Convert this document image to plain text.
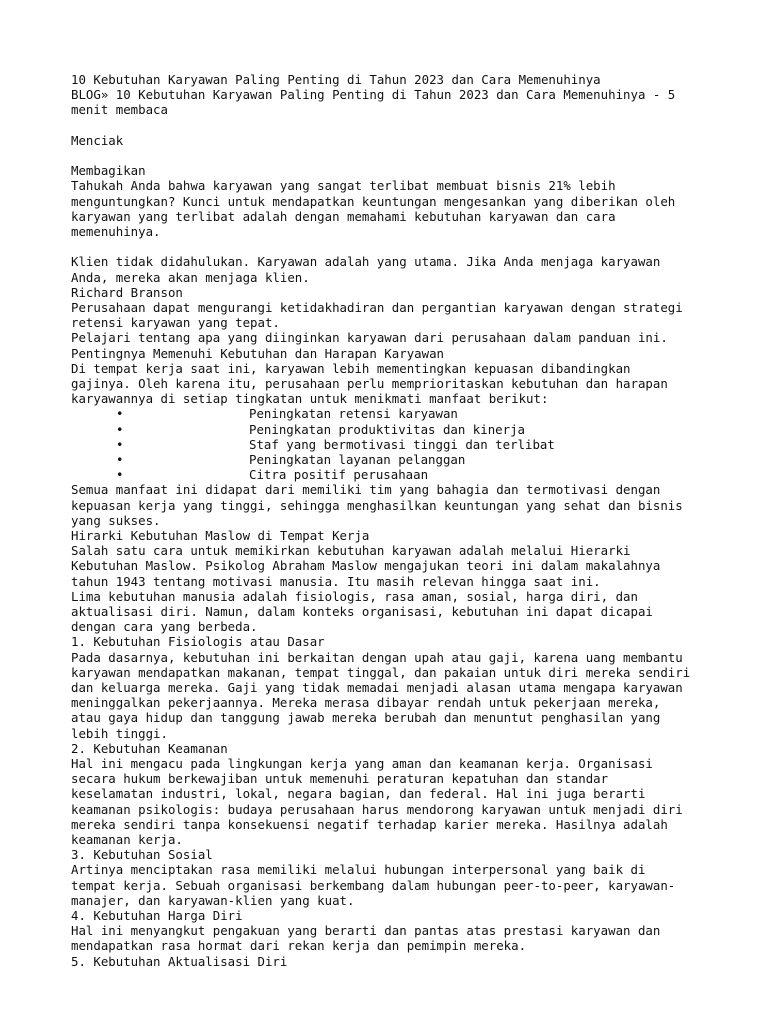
10 Kebutuhan Karyawan Paling Penting di Tahun 2023 dan Cara Memenuhinya
BLOG» 10 Kebutuhan Karyawan Paling Penting di Tahun 2023 dan Cara Memenuhinya - 5
menit membaca
Menciak
Membagikan
Tahukah Anda bahwa karyawan yang sangat terlibat membuat bisnis 21% lebih
menguntungkan? Kunci untuk mendapatkan keuntungan mengesankan yang diberikan oleh
karyawan yang terlibat adalah dengan memahami kebutuhan karyawan dan cara
memenuhinya.
Klien tidak didahulukan. Karyawan adalah yang utama. Jika Anda menjaga karyawan
Anda, mereka akan menjaga klien.
Richard Branson
Perusahaan dapat mengurangi ketidakhadiran dan pergantian karyawan dengan strategi
retensi karyawan yang tepat.
Pelajari tentang apa yang diinginkan karyawan dari perusahaan dalam panduan ini.
Pentingnya Memenuhi Kebutuhan dan Harapan Karyawan
Di tempat kerja saat ini, karyawan lebih mementingkan kepuasan dibandingkan
gajinya. Oleh karena itu, perusahaan perlu memprioritaskan kebutuhan dan harapan
karyawannya di setiap tingkatan untuk menikmati manfaat berikut:
•	Peningkatan retensi karyawan
•	Peningkatan produktivitas dan kinerja
•	Staf yang bermotivasi tinggi dan terlibat
•	Peningkatan layanan pelanggan
•	Citra positif perusahaan
Semua manfaat ini didapat dari memiliki tim yang bahagia dan termotivasi dengan
kepuasan kerja yang tinggi, sehingga menghasilkan keuntungan yang sehat dan bisnis
yang sukses.
Hirarki Kebutuhan Maslow di Tempat Kerja
Salah satu cara untuk memikirkan kebutuhan karyawan adalah melalui Hierarki
Kebutuhan Maslow. Psikolog Abraham Maslow mengajukan teori ini dalam makalahnya
tahun 1943 tentang motivasi manusia. Itu masih relevan hingga saat ini.
Lima kebutuhan manusia adalah fisiologis, rasa aman, sosial, harga diri, dan
aktualisasi diri. Namun, dalam konteks organisasi, kebutuhan ini dapat dicapai
dengan cara yang berbeda.
1. Kebutuhan Fisiologis atau Dasar
Pada dasarnya, kebutuhan ini berkaitan dengan upah atau gaji, karena uang membantu
karyawan mendapatkan makanan, tempat tinggal, dan pakaian untuk diri mereka sendiri
dan keluarga mereka. Gaji yang tidak memadai menjadi alasan utama mengapa karyawan
meninggalkan pekerjaannya. Mereka merasa dibayar rendah untuk pekerjaan mereka,
atau gaya hidup dan tanggung jawab mereka berubah dan menuntut penghasilan yang
lebih tinggi.
2. Kebutuhan Keamanan
Hal ini mengacu pada lingkungan kerja yang aman dan keamanan kerja. Organisasi
secara hukum berkewajiban untuk memenuhi peraturan kepatuhan dan standar
keselamatan industri, lokal, negara bagian, dan federal. Hal ini juga berarti
keamanan psikologis: budaya perusahaan harus mendorong karyawan untuk menjadi diri
mereka sendiri tanpa konsekuensi negatif terhadap karier mereka. Hasilnya adalah
keamanan kerja.
3. Kebutuhan Sosial
Artinya menciptakan rasa memiliki melalui hubungan interpersonal yang baik di
tempat kerja. Sebuah organisasi berkembang dalam hubungan peer-to-peer, karyawan-
manajer, dan karyawan-klien yang kuat.
4. Kebutuhan Harga Diri
Hal ini menyangkut pengakuan yang berarti dan pantas atas prestasi karyawan dan
mendapatkan rasa hormat dari rekan kerja dan pemimpin mereka.
5. Kebutuhan Aktualisasi Diri
